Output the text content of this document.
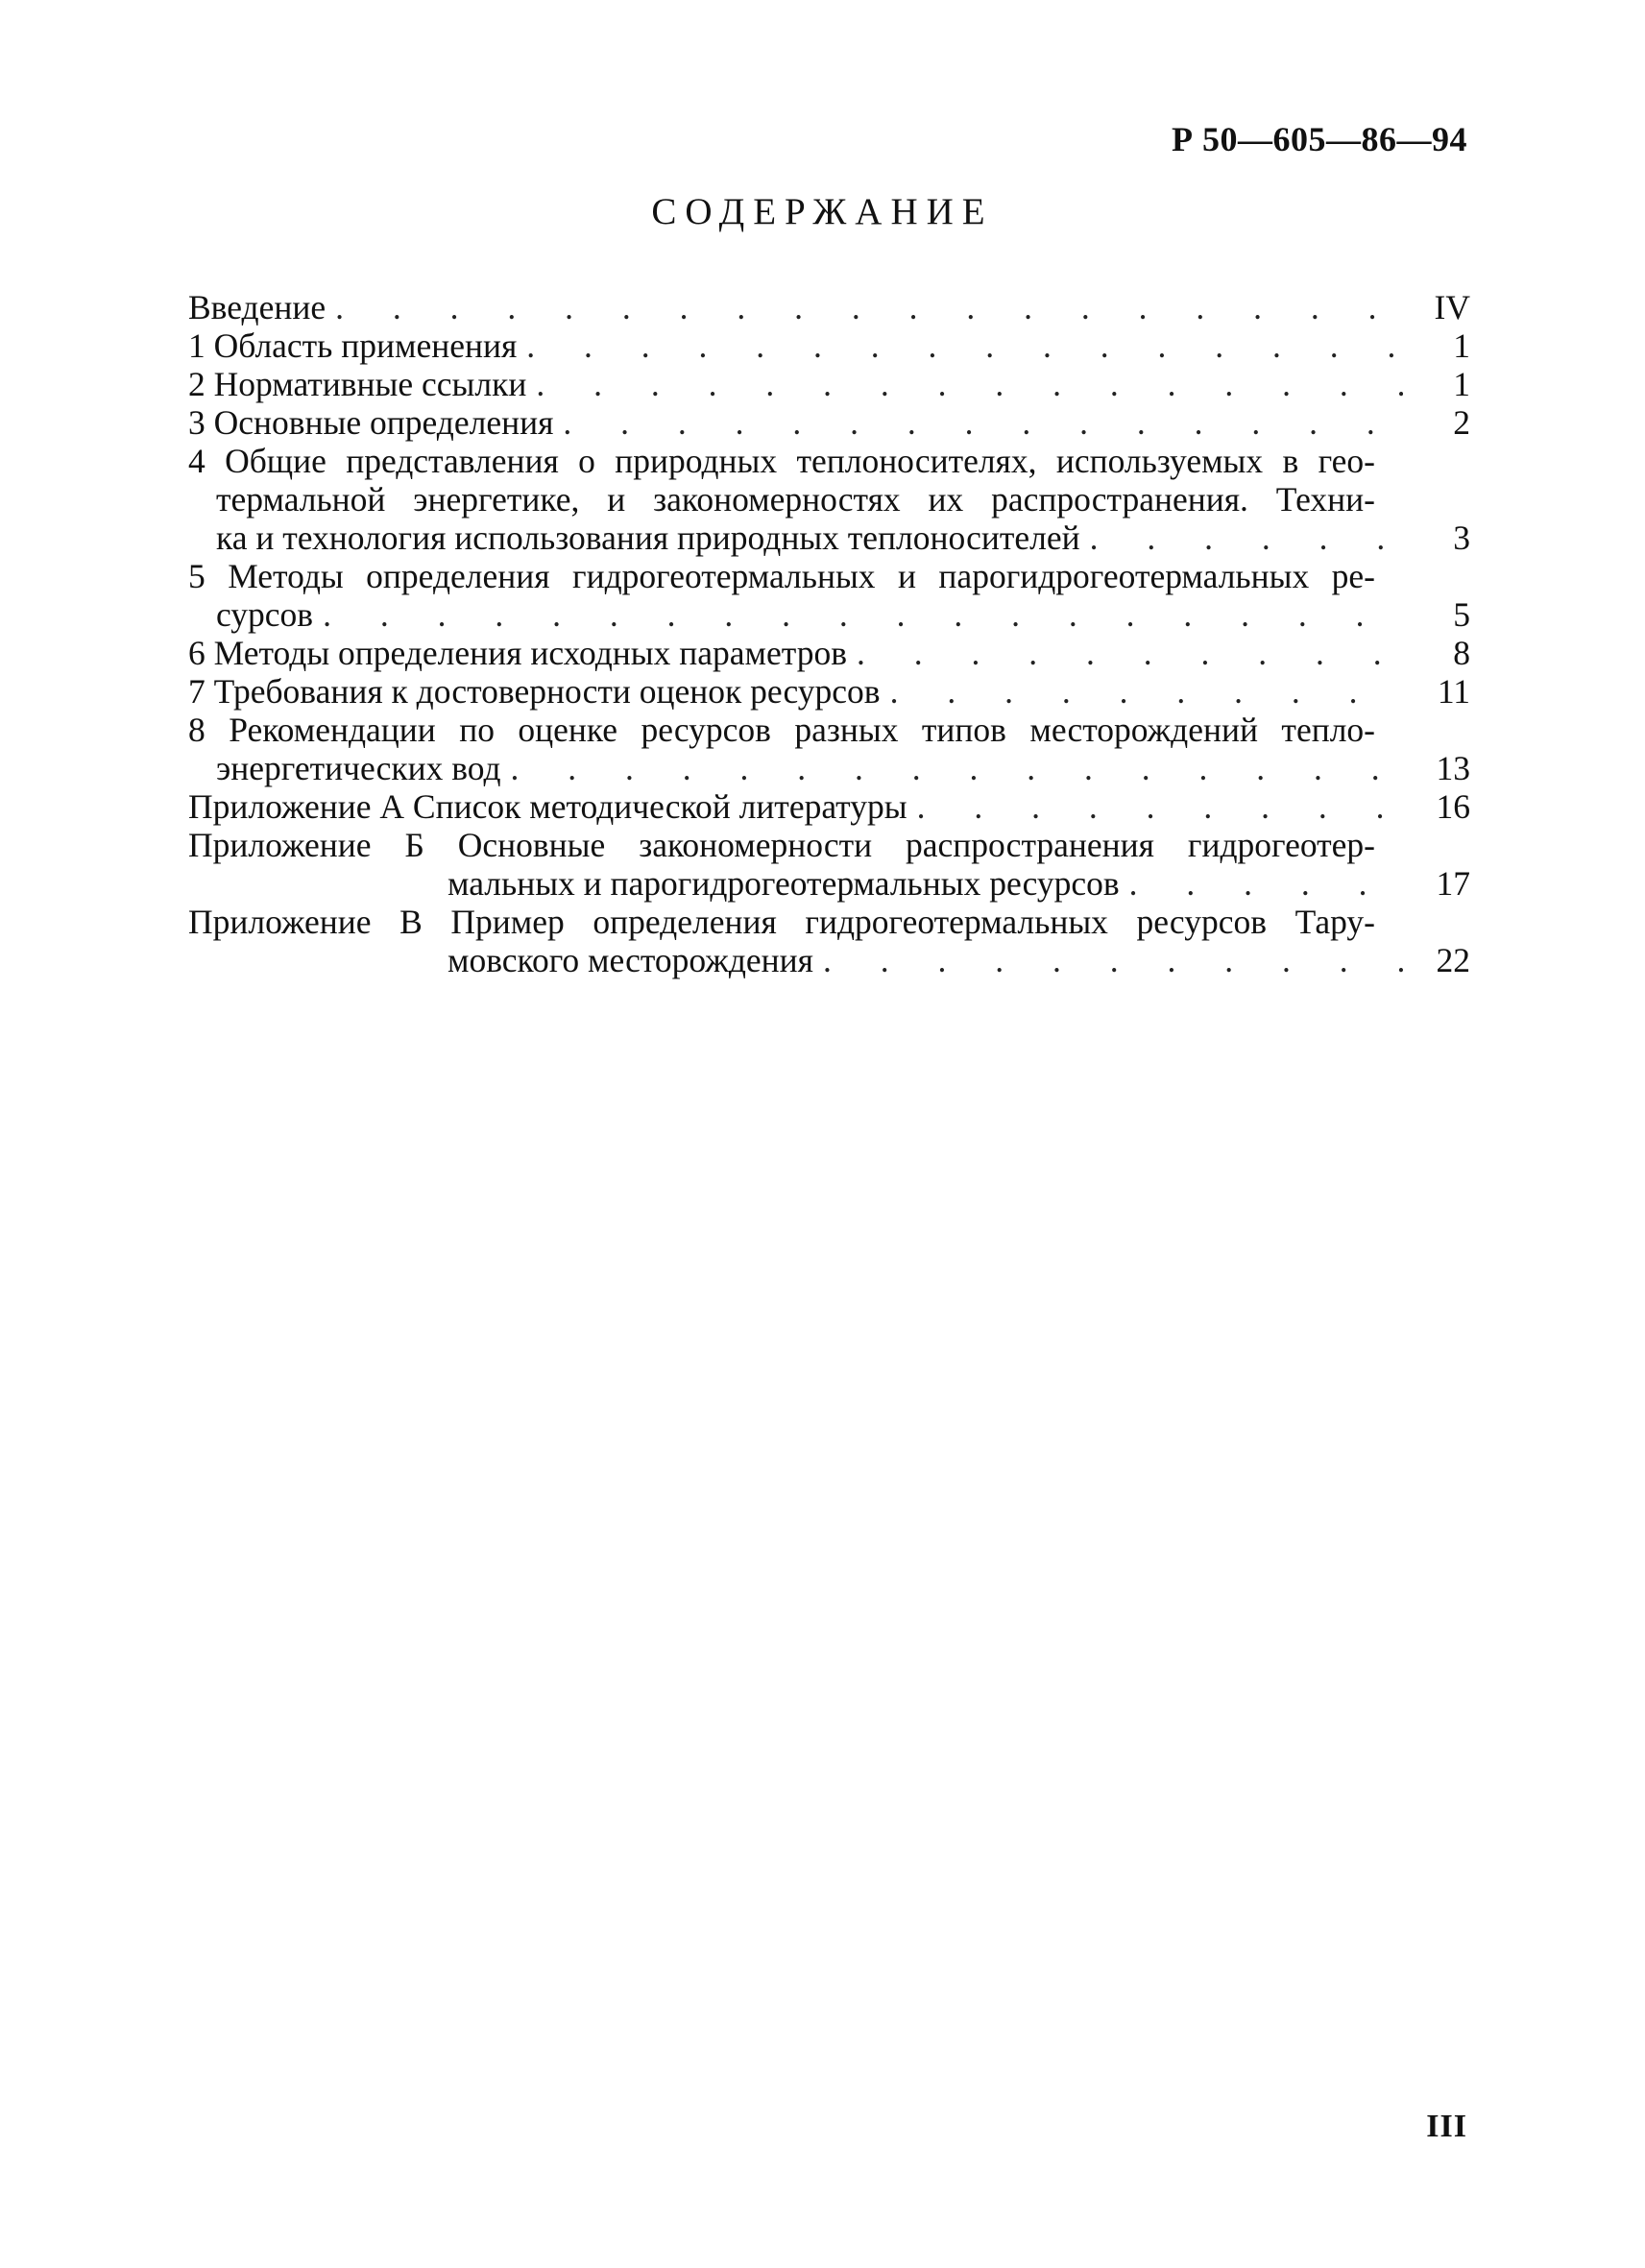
Р 50—605—86—94
СОДЕРЖАНИЕ
Введение . . .	IV
1 Область применения . . .	1
2 Нормативные ссылки . . .	1
3 Основные определения . . .	2
4 Общие представления о природных теплоносителях, используемых в гео-
термальной энергетике, и закономерностях их распространения. Техни-
ка и технология использования природных теплоносителей . . .	3
5 Методы определения гидрогеотермальных и парогидрогеотермальных ре-
сурсов . . .	5
6 Методы определения исходных параметров . . .	8
7 Требования к достоверности оценок ресурсов . . .	11
8 Рекомендации по оценке ресурсов разных типов месторождений тепло-
энергетических вод . . .	13
Приложение А Список методической литературы . . .	16
Приложение Б Основные закономерности распространения гидрогеотер-
мальных и парогидрогеотермальных ресурсов . . .	17
Приложение В Пример определения гидрогеотермальных ресурсов Тару-
мовского месторождения . . .	22
III
